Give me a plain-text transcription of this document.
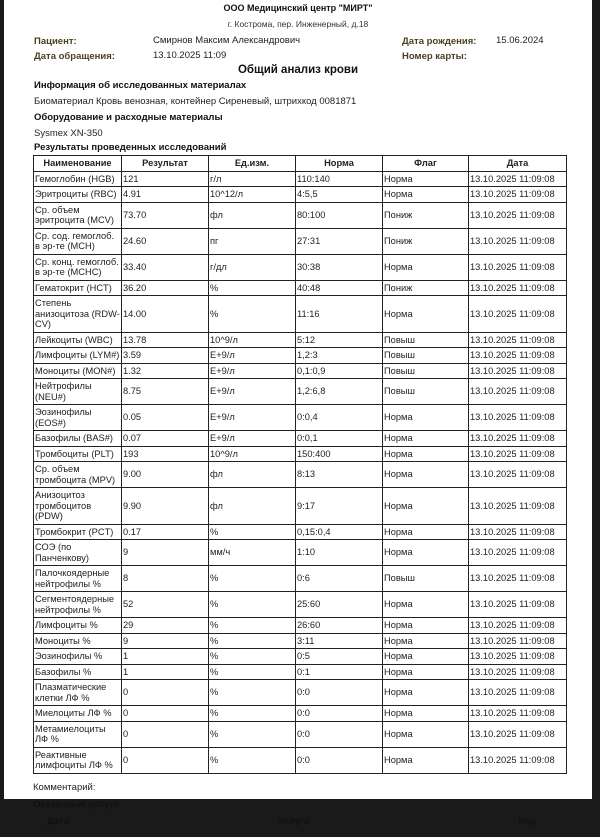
ООО Медицинский центр "МИРТ"
г. Кострома, пер. Инженерный, д.18
Пациент:	Смирнов Максим Александрович	Дата рождения: 15.06.2024
Дата обращения:	13.10.2025 11:09	Номер карты:
Общий анализ крови
Информация об исследованных материалах
Биоматериал Кровь венозная, контейнер Сиреневый, штрихкод 0081871
Оборудование и расходные материалы
Sysmex XN-350
Результаты проведенных исследований
Наименование	Результат	Ед.изм.	Норма	Флаг	Дата
Гемоглобин (HGB)	121	г/л	110:140	Норма	13.10.2025 11:09:08
Эритроциты (RBC)	4.91	10^12/л	4:5,5	Норма	13.10.2025 11:09:08
Ср. объем эритроцита (MCV)	73.70	фл	80:100	Пониж	13.10.2025 11:09:08
Ср. сод. гемоглоб. в эр-те (MCH)	24.60	пг	27:31	Пониж	13.10.2025 11:09:08
Ср. конц. гемоглоб. в эр-те (MCHC)	33.40	г/дл	30:38	Норма	13.10.2025 11:09:08
Гематокрит (HCT)	36.20	%	40:48	Пониж	13.10.2025 11:09:08
Степень анизоцитоза (RDW-CV)	14.00	%	11:16	Норма	13.10.2025 11:09:08
Лейкоциты (WBC)	13.78	10^9/л	5:12	Повыш	13.10.2025 11:09:08
Лимфоциты (LYM#)	3.59	Е+9/л	1,2:3	Повыш	13.10.2025 11:09:08
Моноциты (MON#)	1.32	Е+9/л	0,1:0,9	Повыш	13.10.2025 11:09:08
Нейтрофилы (NEU#)	8.75	Е+9/л	1,2:6,8	Повыш	13.10.2025 11:09:08
Эозинофилы (EOS#)	0.05	Е+9/л	0:0,4	Норма	13.10.2025 11:09:08
Базофилы (BAS#)	0.07	Е+9/л	0:0,1	Норма	13.10.2025 11:09:08
Тромбоциты (PLT)	193	10^9/л	150:400	Норма	13.10.2025 11:09:08
Ср. объем тромбоцита (MPV)	9.00	фл	8:13	Норма	13.10.2025 11:09:08
Анизоцитоз тромбоцитов (PDW)	9.90	фл	9:17	Норма	13.10.2025 11:09:08
Тромбокрит (PCT)	0.17	%	0,15:0,4	Норма	13.10.2025 11:09:08
СОЭ (по Панченкову)	9	мм/ч	1:10	Норма	13.10.2025 11:09:08
Палочкоядерные нейтрофилы %	8	%	0:6	Повыш	13.10.2025 11:09:08
Сегментоядерные нейтрофилы %	52	%	25:60	Норма	13.10.2025 11:09:08
Лимфоциты %	29	%	26:60	Норма	13.10.2025 11:09:08
Моноциты %	9	%	3:11	Норма	13.10.2025 11:09:08
Эозинофилы %	1	%	0:5	Норма	13.10.2025 11:09:08
Базофилы %	1	%	0:1	Норма	13.10.2025 11:09:08
Плазматические клетки ЛФ %	0	%	0:0	Норма	13.10.2025 11:09:08
Миелоциты ЛФ %	0	%	0:0	Норма	13.10.2025 11:09:08
Метамиелоциты ЛФ %	0	%	0:0	Норма	13.10.2025 11:09:08
Реактивные лимфоциты ЛФ %	0	%	0:0	Норма	13.10.2025 11:09:08
Комментарий:
Оказанные услуги
Дата	Услуга	Код
